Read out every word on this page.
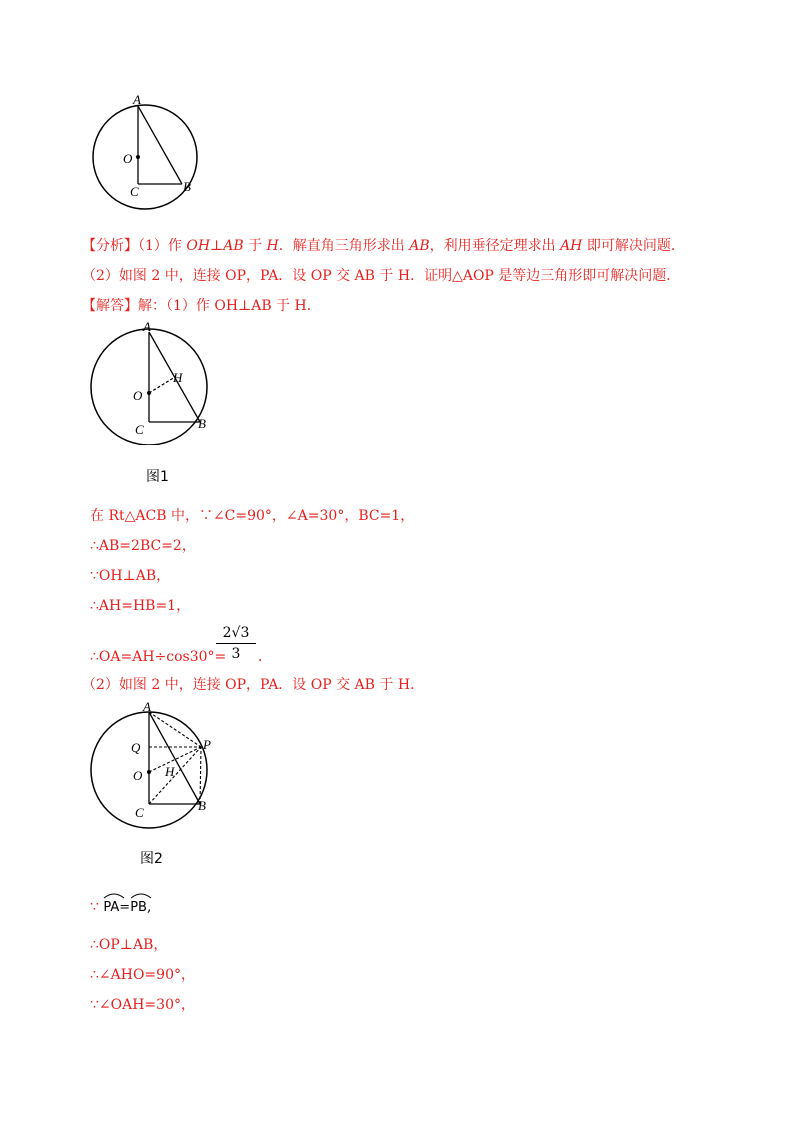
A
O
C	B
【分析】（1）作 OH⊥AB 于 H．解直角三角形求出 AB，利用垂径定理求出 AH 即可解决问题．
（2）如图 2 中，连接 OP，PA．设 OP 交 AB 于 H．证明△AOP 是等边三角形即可解决问题．
【解答】解：（1）作 OH⊥AB 于 H．
A
H
O
C	B
图1
在 Rt△ACB 中，∵∠C=90°，∠A=30°，BC=1，
∴AB=2BC=2，
∵OH⊥AB，
∴AH=HB=1，
∴OA=AH÷cos30°=
2√3
3	．
（2）如图 2 中，连接 OP，PA．设 OP 交 AB 于 H．
A
P
Q
O H
C	B
图2
∵ PA=
PB,
∴OP⊥AB，
∴∠AHO=90°，
∵∠OAH=30°，
